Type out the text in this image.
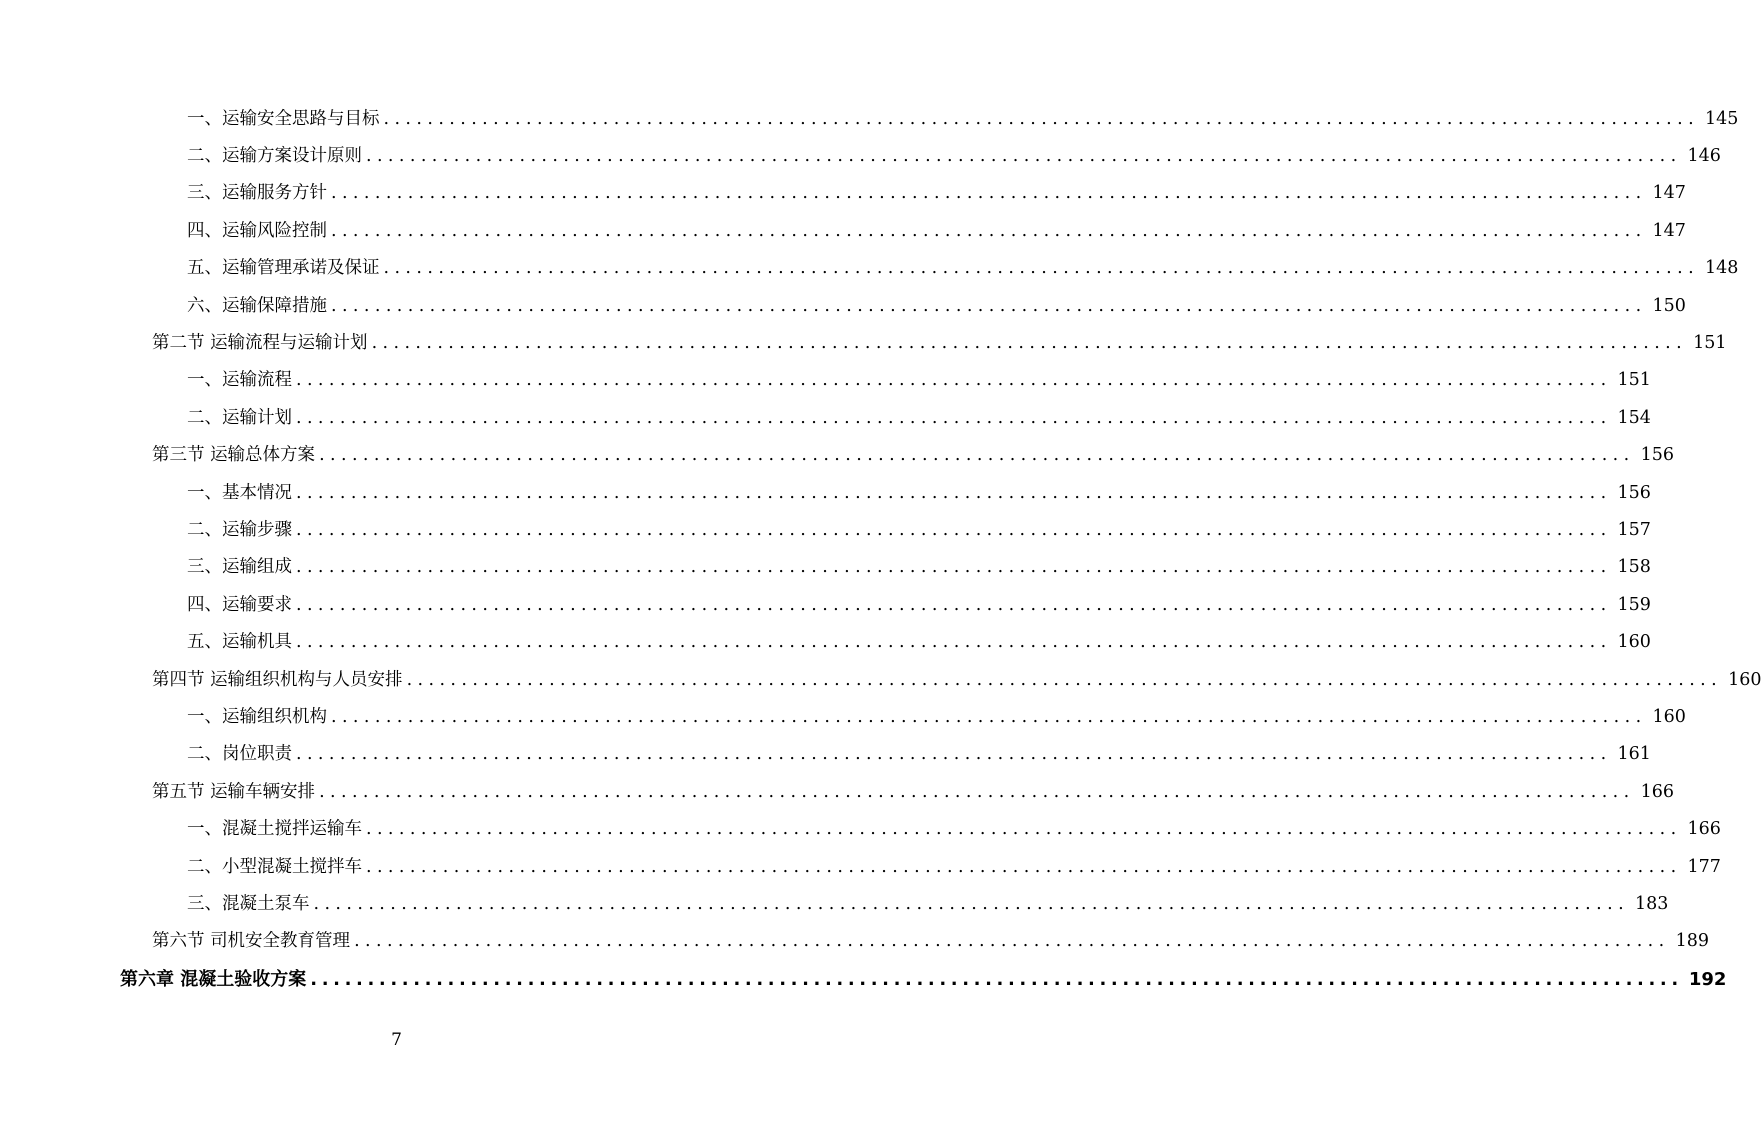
一、运输安全思路与目标 ........................................................................................................................ 145
二、运输方案设计原则 ........................................................................................................................ 146
三、运输服务方针 ........................................................................................................................ 147
四、运输风险控制 ........................................................................................................................ 147
五、运输管理承诺及保证 ........................................................................................................................ 148
六、运输保障措施 ........................................................................................................................ 150
第二节 运输流程与运输计划 ........................................................................................................................ 151
一、运输流程 ........................................................................................................................ 151
二、运输计划 ........................................................................................................................ 154
第三节 运输总体方案 ........................................................................................................................ 156
一、基本情况 ........................................................................................................................ 156
二、运输步骤 ........................................................................................................................ 157
三、运输组成 ........................................................................................................................ 158
四、运输要求 ........................................................................................................................ 159
五、运输机具 ........................................................................................................................ 160
第四节 运输组织机构与人员安排 ........................................................................................................................ 160
一、运输组织机构 ........................................................................................................................ 160
二、岗位职责 ........................................................................................................................ 161
第五节 运输车辆安排 ........................................................................................................................ 166
一、混凝土搅拌运输车 ........................................................................................................................ 166
二、小型混凝土搅拌车 ........................................................................................................................ 177
三、混凝土泵车 ........................................................................................................................ 183
第六节 司机安全教育管理 ........................................................................................................................ 189
第六章 混凝土验收方案 ........................................................................................................................ 192
7
